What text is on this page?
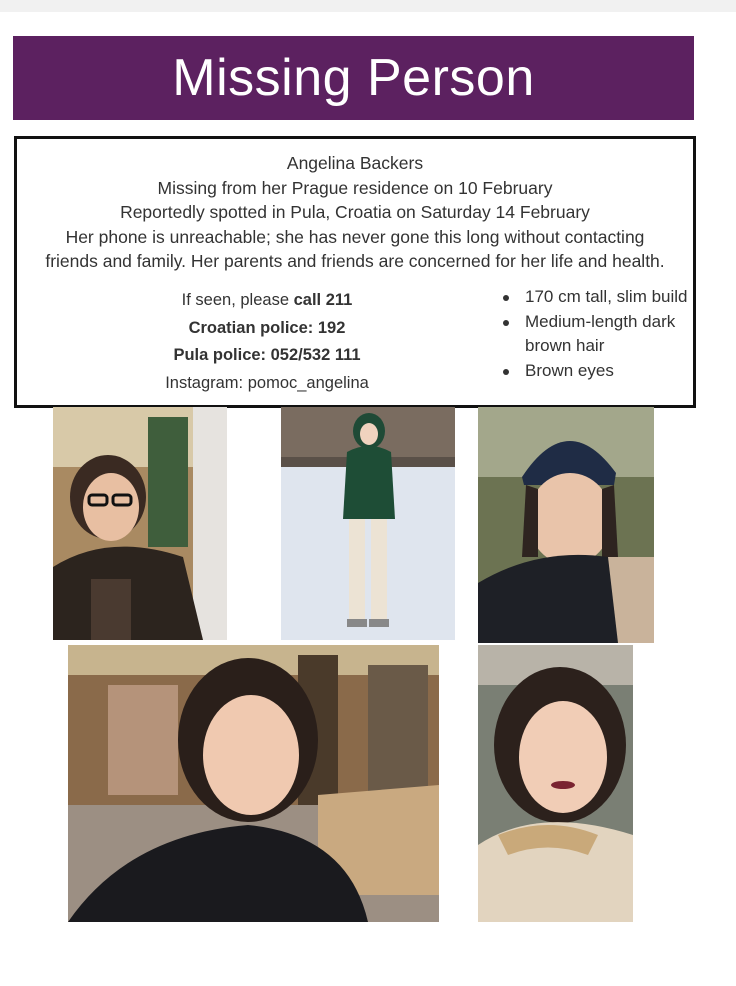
Missing Person
Angelina Backers
Missing from her Prague residence on 10 February
Reportedly spotted in Pula, Croatia on Saturday 14 February
Her phone is unreachable; she has never gone this long without contacting
friends and family. Her parents and friends are concerned for her life and health.
If seen, please call 211
Croatian police: 192
Pula police: 052/532 111
Instagram: pomoc_angelina
170 cm tall, slim build
Medium-length dark brown hair
Brown eyes
